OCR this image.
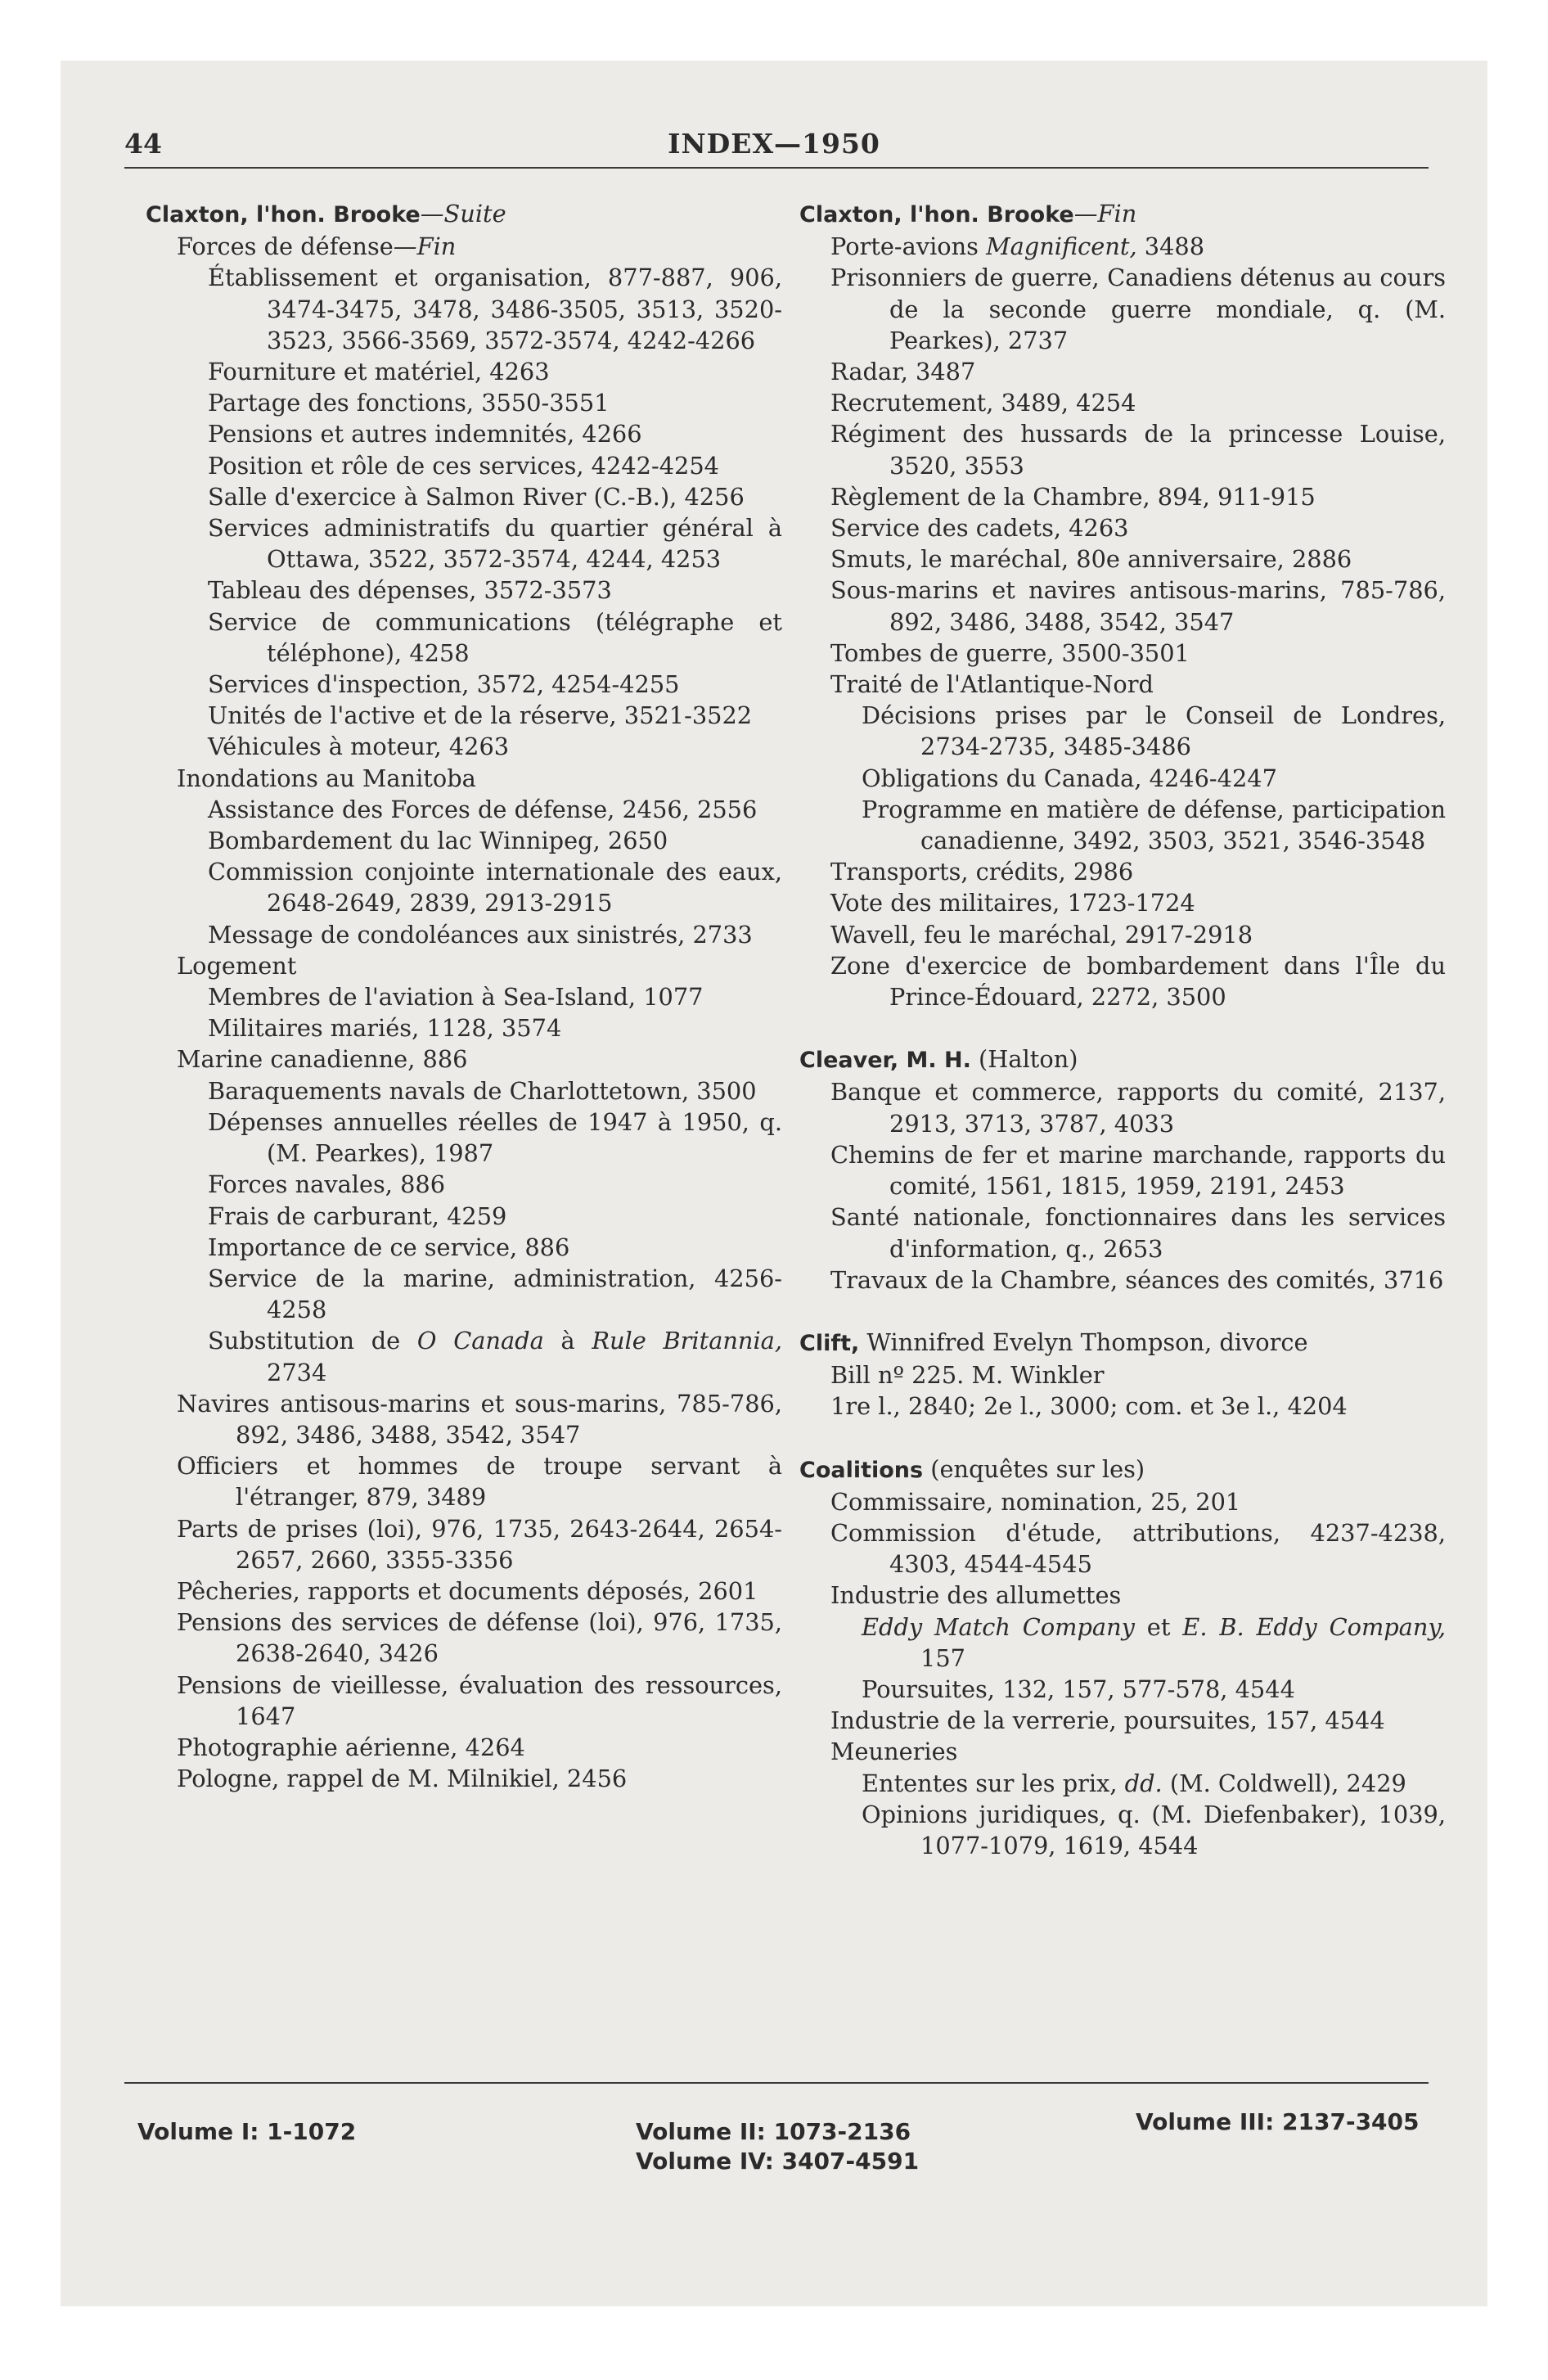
44	INDEX—1950
Claxton, l'hon. Brooke—Suite
Forces de défense—Fin
Établissement et organisation, 877-887, 906, 3474-3475, 3478, 3486-3505, 3513, 3520-3523, 3566-3569, 3572-3574, 4242-4266
Fourniture et matériel, 4263
Partage des fonctions, 3550-3551
Pensions et autres indemnités, 4266
Position et rôle de ces services, 4242-4254
Salle d'exercice à Salmon River (C.-B.), 4256
Services administratifs du quartier général à Ottawa, 3522, 3572-3574, 4244, 4253
Tableau des dépenses, 3572-3573
Service de communications (télégraphe et téléphone), 4258
Services d'inspection, 3572, 4254-4255
Unités de l'active et de la réserve, 3521-3522
Véhicules à moteur, 4263
Inondations au Manitoba
Assistance des Forces de défense, 2456, 2556
Bombardement du lac Winnipeg, 2650
Commission conjointe internationale des eaux, 2648-2649, 2839, 2913-2915
Message de condoléances aux sinistrés, 2733
Logement
Membres de l'aviation à Sea-Island, 1077
Militaires mariés, 1128, 3574
Marine canadienne, 886
Baraquements navals de Charlottetown, 3500
Dépenses annuelles réelles de 1947 à 1950, q. (M. Pearkes), 1987
Forces navales, 886
Frais de carburant, 4259
Importance de ce service, 886
Service de la marine, administration, 4256-4258
Substitution de O Canada à Rule Britannia, 2734
Navires antisous-marins et sous-marins, 785-786, 892, 3486, 3488, 3542, 3547
Officiers et hommes de troupe servant à l'étranger, 879, 3489
Parts de prises (loi), 976, 1735, 2643-2644, 2654-2657, 2660, 3355-3356
Pêcheries, rapports et documents déposés, 2601
Pensions des services de défense (loi), 976, 1735, 2638-2640, 3426
Pensions de vieillesse, évaluation des ressources, 1647
Photographie aérienne, 4264
Pologne, rappel de M. Milnikiel, 2456
Claxton, l'hon. Brooke—Fin
Porte-avions Magnificent, 3488
Prisonniers de guerre, Canadiens détenus au cours de la seconde guerre mondiale, q. (M. Pearkes), 2737
Radar, 3487
Recrutement, 3489, 4254
Régiment des hussards de la princesse Louise, 3520, 3553
Règlement de la Chambre, 894, 911-915
Service des cadets, 4263
Smuts, le maréchal, 80e anniversaire, 2886
Sous-marins et navires antisous-marins, 785-786, 892, 3486, 3488, 3542, 3547
Tombes de guerre, 3500-3501
Traité de l'Atlantique-Nord
Décisions prises par le Conseil de Londres, 2734-2735, 3485-3486
Obligations du Canada, 4246-4247
Programme en matière de défense, participation canadienne, 3492, 3503, 3521, 3546-3548
Transports, crédits, 2986
Vote des militaires, 1723-1724
Wavell, feu le maréchal, 2917-2918
Zone d'exercice de bombardement dans l'Île du Prince-Édouard, 2272, 3500
Cleaver, M. H. (Halton)
Banque et commerce, rapports du comité, 2137, 2913, 3713, 3787, 4033
Chemins de fer et marine marchande, rapports du comité, 1561, 1815, 1959, 2191, 2453
Santé nationale, fonctionnaires dans les services d'information, q., 2653
Travaux de la Chambre, séances des comités, 3716
Clift, Winnifred Evelyn Thompson, divorce
Bill nº 225. M. Winkler
1re l., 2840; 2e l., 3000; com. et 3e l., 4204
Coalitions (enquêtes sur les)
Commissaire, nomination, 25, 201
Commission d'étude, attributions, 4237-4238, 4303, 4544-4545
Industrie des allumettes
Eddy Match Company et E. B. Eddy Company, 157
Poursuites, 132, 157, 577-578, 4544
Industrie de la verrerie, poursuites, 157, 4544
Meuneries
Ententes sur les prix, dd. (M. Coldwell), 2429
Opinions juridiques, q. (M. Diefenbaker), 1039, 1077-1079, 1619, 4544
Volume I: 1-1072	Volume II: 1073-2136	Volume III: 2137-3405
Volume IV: 3407-4591
